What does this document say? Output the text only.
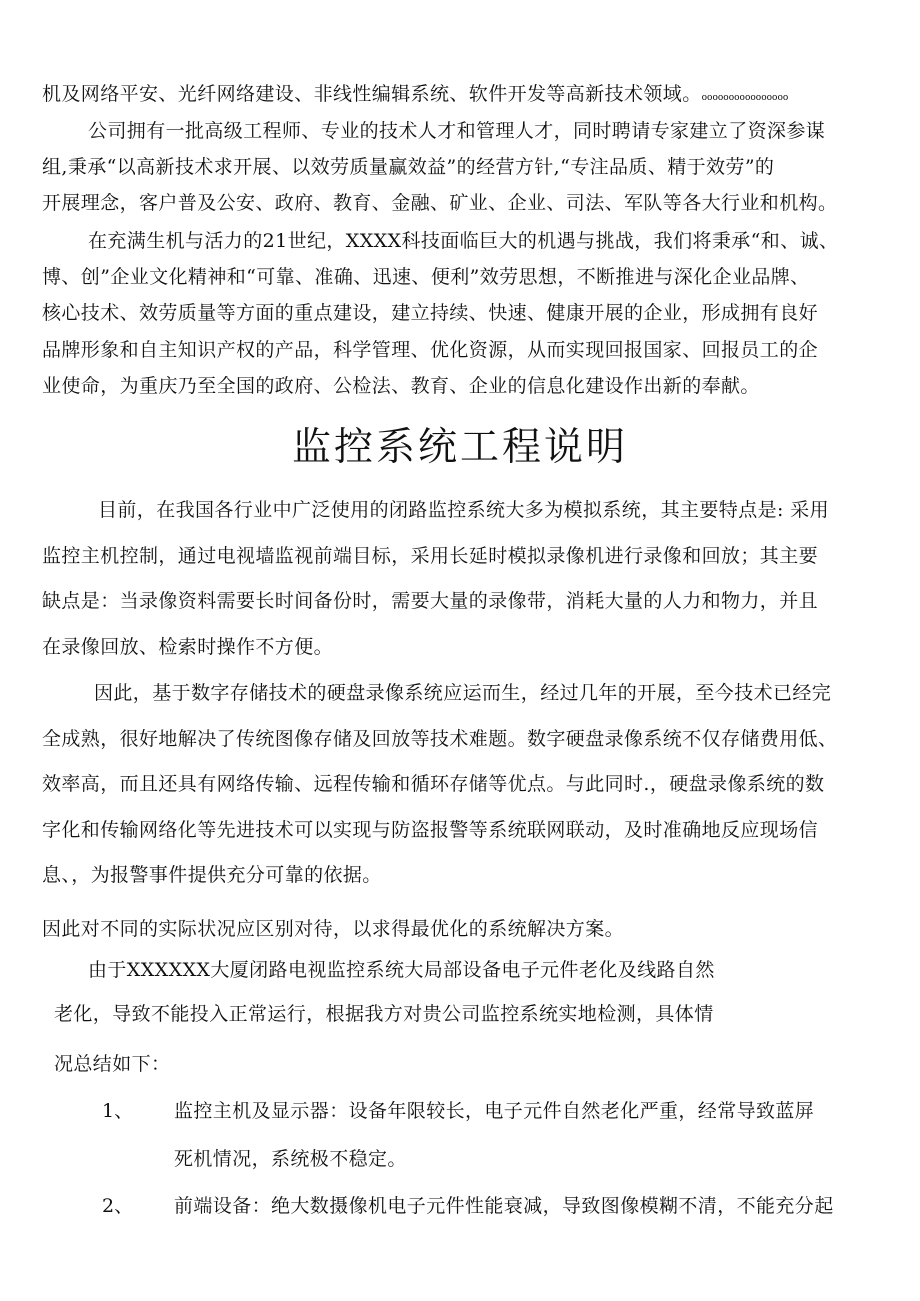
机及网络平安、光纤网络建设、非线性编辑系统、软件开发等高新技术领域。oooooooooooooooo
公司拥有一批高级工程师、专业的技术人才和管理人才，同时聘请专家建立了资深参谋
组,秉承“以高新技术求开展、以效劳质量赢效益”的经营方针,“专注品质、精于效劳”的
开展理念，客户普及公安、政府、教育、金融、矿业、企业、司法、军队等各大行业和机构。
在充满生机与活力的21世纪，XXXX科技面临巨大的机遇与挑战，我们将秉承“和、诚、
博、创”企业文化精神和“可靠、准确、迅速、便利”效劳思想，不断推进与深化企业品牌、
核心技术、效劳质量等方面的重点建设，建立持续、快速、健康开展的企业，形成拥有良好
品牌形象和自主知识产权的产品，科学管理、优化资源，从而实现回报国家、回报员工的企
业使命，为重庆乃至全国的政府、公检法、教育、企业的信息化建设作出新的奉献。
监控系统工程说明
目前，在我国各行业中广泛使用的闭路监控系统大多为模拟系统，其主要特点是: 采用
监控主机控制，通过电视墙监视前端目标，采用长延时模拟录像机进行录像和回放；其主要
缺点是：当录像资料需要长时间备份时，需要大量的录像带，消耗大量的人力和物力，并且
在录像回放、检索时操作不方便。
因此，基于数字存储技术的硬盘录像系统应运而生，经过几年的开展，至今技术已经完
全成熟，很好地解决了传统图像存储及回放等技术难题。数字硬盘录像系统不仅存储费用低、
效率高，而且还具有网络传输、远程传输和循环存储等优点。与此同时.，硬盘录像系统的数
字化和传输网络化等先进技术可以实现与防盗报警等系统联网联动，及时准确地反应现场信
息、，为报警事件提供充分可靠的依据。
因此对不同的实际状况应区别对待，以求得最优化的系统解决方案。
由于XXXXXX大厦闭路电视监控系统大局部设备电子元件老化及线路自然
老化，导致不能投入正常运行，根据我方对贵公司监控系统实地检测，具体情
况总结如下：
1、 监控主机及显示器：设备年限较长，电子元件自然老化严重，经常导致蓝屏
死机情况，系统极不稳定。
2、 前端设备：绝大数摄像机电子元件性能衰减，导致图像模糊不清，不能充分起
